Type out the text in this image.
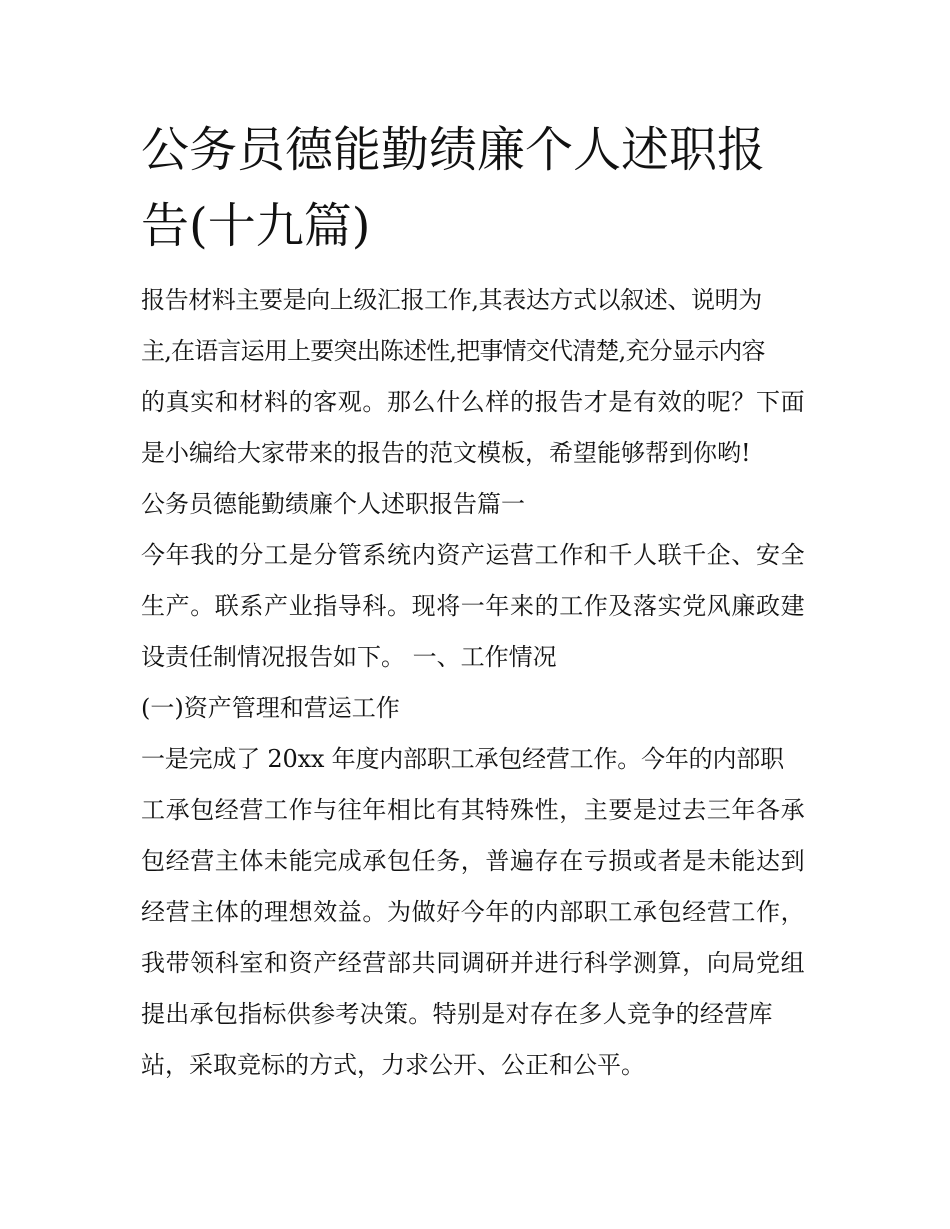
公务员德能勤绩廉个人述职报
告(十九篇)
报告材料主要是向上级汇报工作,其表达方式以叙述、说明为
主,在语言运用上要突出陈述性,把事情交代清楚,充分显示内容
的真实和材料的客观。那么什么样的报告才是有效的呢？下面
是小编给大家带来的报告的范文模板，希望能够帮到你哟!
公务员德能勤绩廉个人述职报告篇一
今年我的分工是分管系统内资产运营工作和千人联千企、安全
生产。联系产业指导科。现将一年来的工作及落实党风廉政建
设责任制情况报告如下。 一、工作情况
(一)资产管理和营运工作
一是完成了 20xx 年度内部职工承包经营工作。今年的内部职
工承包经营工作与往年相比有其特殊性，主要是过去三年各承
包经营主体未能完成承包任务，普遍存在亏损或者是未能达到
经营主体的理想效益。为做好今年的内部职工承包经营工作，
我带领科室和资产经营部共同调研并进行科学测算，向局党组
提出承包指标供参考决策。特别是对存在多人竞争的经营库
站，采取竞标的方式，力求公开、公正和公平。
